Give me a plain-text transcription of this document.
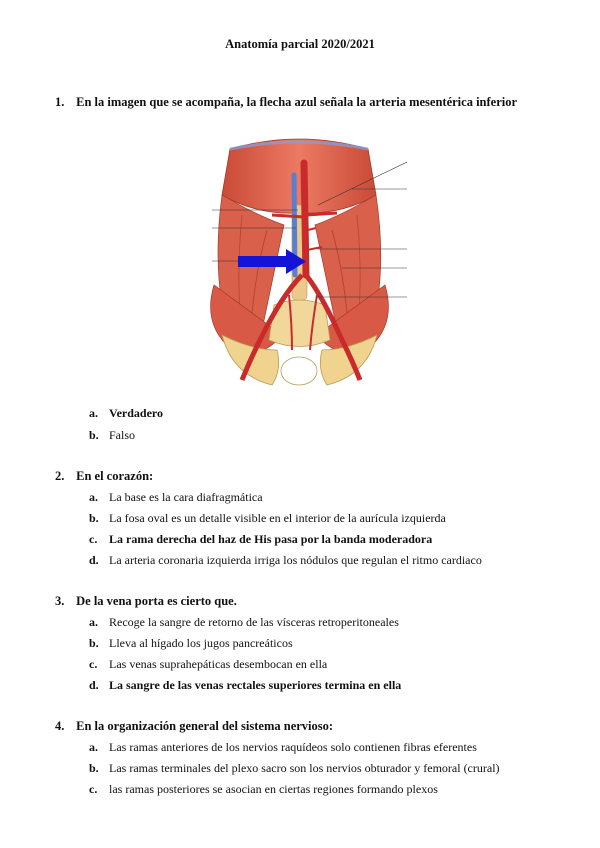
Anatomía parcial 2020/2021
1. En la imagen que se acompaña, la flecha azul señala la arteria mesentérica inferior
a. Verdadero
b. Falso
2. En el corazón:
a. La base es la cara diafragmática
b. La fosa oval es un detalle visible en el interior de la aurícula izquierda
c. La rama derecha del haz de His pasa por la banda moderadora
d. La arteria coronaria izquierda irriga los nódulos que regulan el ritmo cardiaco
3. De la vena porta es cierto que.
a. Recoge la sangre de retorno de las vísceras retroperitoneales
b. Lleva al hígado los jugos pancreáticos
c. Las venas suprahepáticas desembocan en ella
d. La sangre de las venas rectales superiores termina en ella
4. En la organización general del sistema nervioso:
a. Las ramas anteriores de los nervios raquídeos solo contienen fibras eferentes
b. Las ramas terminales del plexo sacro son los nervios obturador y femoral (crural)
c. las ramas posteriores se asocian en ciertas regiones formando plexos
